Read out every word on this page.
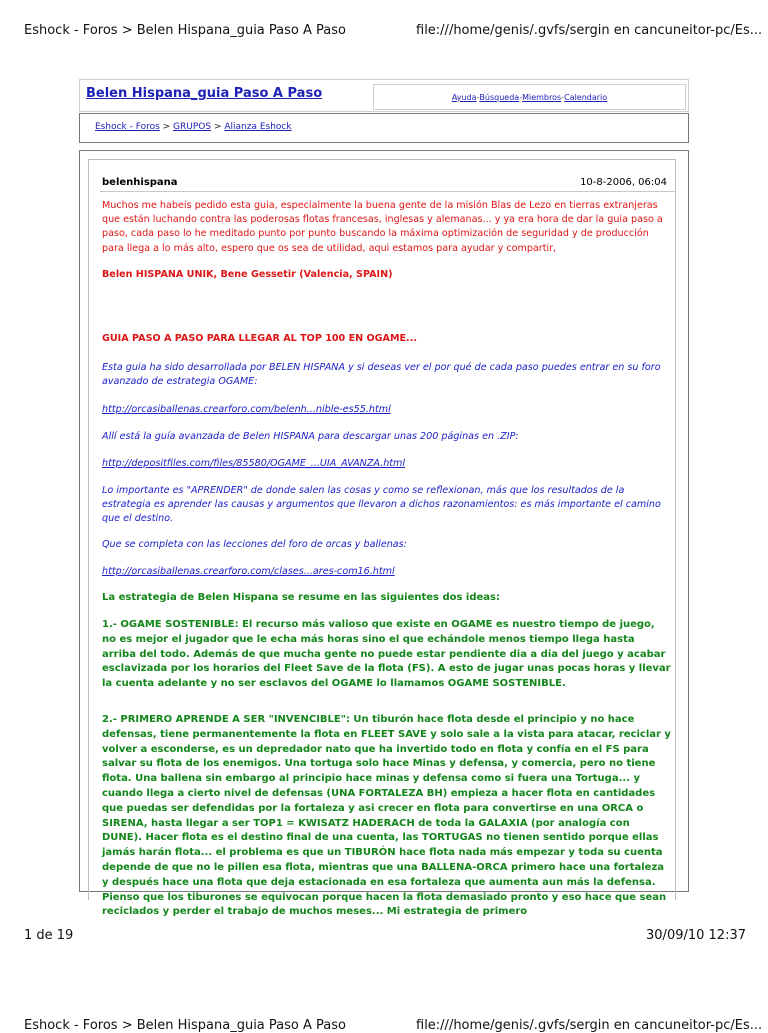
Eshock - Foros > Belen Hispana_guia Paso A Paso	file:///home/genis/.gvfs/sergin en cancuneitor-pc/Es...
Belen Hispana_guia Paso A Paso	Ayuda - Búsqueda - Miembros - Calendario
Eshock - Foros > GRUPOS > Alianza Eshock
belenhispana	10-8-2006, 06:04
Muchos me habeis pedido esta guia, especialmente la buena gente de la misión Blas de Lezo en tierras extranjeras que están luchando contra las poderosas flotas francesas, inglesas y alemanas... y ya era hora de dar la guia paso a paso, cada paso lo he meditado punto por punto buscando la máxima optimización de seguridad y de producción para llega a lo más alto, espero que os sea de utilidad, aqui estamos para ayudar y compartir,
Belen HISPANA UNIK, Bene Gessetir (Valencia, SPAIN)
GUIA PASO A PASO PARA LLEGAR AL TOP 100 EN OGAME...
Esta guia ha sido desarrollada por BELEN HISPANA y si deseas ver el por qué de cada paso puedes entrar en su foro avanzado de estrategia OGAME:
http://orcasiballenas.crearforo.com/belenh...nible-es55.html
Allí está la guía avanzada de Belen HISPANA para descargar unas 200 páginas en .ZIP:
http://depositfiles.com/files/85580/OGAME_...UIA_AVANZA.html
Lo importante es "APRENDER" de donde salen las cosas y como se reflexionan, más que los resultados de la estrategia es aprender las causas y argumentos que llevaron a dichos razonamientos: es más importante el camino que el destino.
Que se completa con las lecciones del foro de orcas y ballenas:
http://orcasiballenas.crearforo.com/clases...ares-com16.html
La estrategia de Belen Hispana se resume en las siguientes dos ideas:
1.- OGAME SOSTENIBLE: El recurso más valioso que existe en OGAME es nuestro tiempo de juego, no es mejor el jugador que le echa más horas sino el que echándole menos tiempo llega hasta arriba del todo. Además de que mucha gente no puede estar pendiente dia a dia del juego y acabar esclavizada por los horarios del Fleet Save de la flota (FS). A esto de jugar unas pocas horas y llevar la cuenta adelante y no ser esclavos del OGAME lo llamamos OGAME SOSTENIBLE.
2.- PRIMERO APRENDE A SER "INVENCIBLE": Un tiburón hace flota desde el principio y no hace defensas, tiene permanentemente la flota en FLEET SAVE y solo sale a la vista para atacar, reciclar y volver a esconderse, es un depredador nato que ha invertido todo en flota y confía en el FS para salvar su flota de los enemigos. Una tortuga solo hace Minas y defensa, y comercia, pero no tiene flota. Una ballena sin embargo al principio hace minas y defensa como si fuera una Tortuga... y cuando llega a cierto nivel de defensas (UNA FORTALEZA BH) empieza a hacer flota en cantidades que puedas ser defendidas por la fortaleza y asi crecer en flota para convertirse en una ORCA o SIRENA, hasta llegar a ser TOP1 = KWISATZ HADERACH de toda la GALAXIA (por analogía con DUNE). Hacer flota es el destino final de una cuenta, las TORTUGAS no tienen sentido porque ellas jamás harán flota... el problema es que un TIBURÓN hace flota nada más empezar y toda su cuenta depende de que no le pillen esa flota, mientras que una BALLENA-ORCA primero hace una fortaleza y después hace una flota que deja estacionada en esa fortaleza que aumenta aun más la defensa. Pienso que los tiburones se equivocan porque hacen la flota demasiado pronto y eso hace que sean reciclados y perder el trabajo de muchos meses... Mi estrategia de primero
1 de 19	30/09/10 12:37
Eshock - Foros > Belen Hispana_guia Paso A Paso	file:///home/genis/.gvfs/sergin en cancuneitor-pc/Es...
